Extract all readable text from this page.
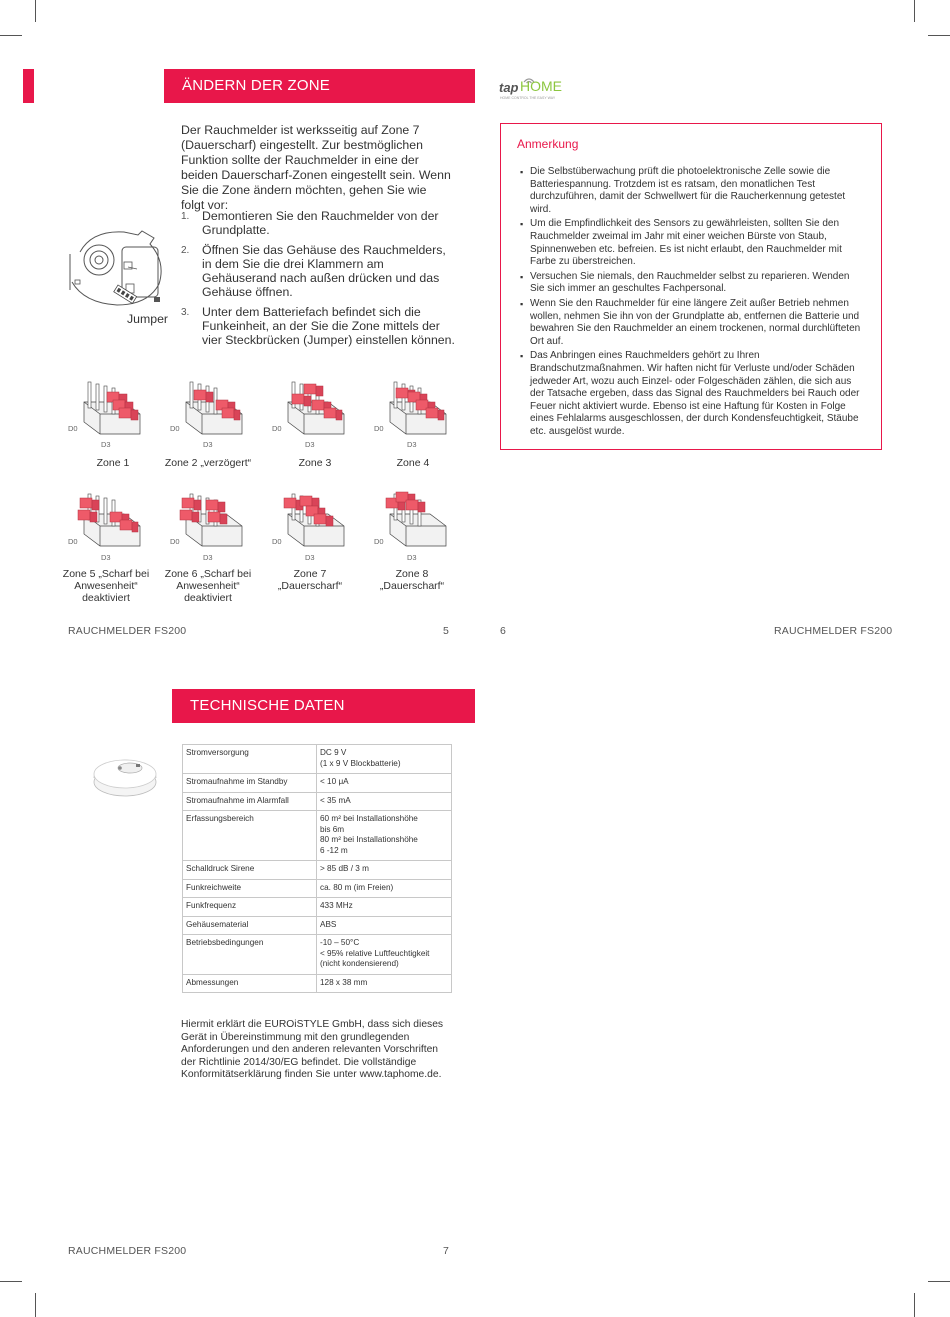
ÄNDERN DER ZONE
Der Rauchmelder ist werksseitig auf Zone 7 (Dauerscharf) eingestellt. Zur bestmöglichen Funktion sollte der Rauchmelder in eine der beiden Dauerscharf-Zonen eingestellt sein. Wenn Sie die Zone ändern möchten, gehen Sie wie folgt vor:
1. Demontieren Sie den Rauchmelder von der Grundplatte.
2. Öffnen Sie das Gehäuse des Rauchmelders, in dem Sie die drei Klammern am Gehäuserand nach außen drücken und das Gehäuse öffnen.
3. Unter dem Batteriefach befindet sich die Funkeinheit, an der Sie die Zone mittels der vier Steckbrücken (Jumper) einstellen können.
Jumper
D0
D3
D0
D3
D0
D3
D0
D3
Zone 1	Zone 2 „verzögert“	Zone 3	Zone 4
D0
D3
D0
D3
D0
D3
D0
D3
Zone 5 „Scharf bei Anwesenheit“ deaktiviert
Zone 6 „Scharf bei Anwesenheit“ deaktiviert
Zone 7 „Dauerscharf“
Zone 8 „Dauerscharf“
RAUCHMELDER FS200	5
tap HOME
HOME CONTROL THE EASY WAY
Anmerkung
▪ Die Selbstüberwachung prüft die photoelektronische Zelle sowie die Batteriespannung. Trotzdem ist es ratsam, den monatlichen Test durchzuführen, damit der Schwellwert für die Raucherkennung getestet wird.
▪ Um die Empfindlichkeit des Sensors zu gewährleisten, sollten Sie den Rauchmelder zweimal im Jahr mit einer weichen Bürste von Staub, Spinnenweben etc. befreien. Es ist nicht erlaubt, den Rauchmelder mit Farbe zu überstreichen.
▪ Versuchen Sie niemals, den Rauchmelder selbst zu reparieren. Wenden Sie sich immer an geschultes Fachpersonal.
▪ Wenn Sie den Rauchmelder für eine längere Zeit außer Betrieb nehmen wollen, nehmen Sie ihn von der Grundplatte ab, entfernen die Batterie und bewahren Sie den Rauchmelder an einem trockenen, normal durchlüfteten Ort auf.
▪ Das Anbringen eines Rauchmelders gehört zu Ihren Brandschutzmaßnahmen. Wir haften nicht für Verluste und/oder Schäden jedweder Art, wozu auch Einzel- oder Folgeschäden zählen, die sich aus der Tatsache ergeben, dass das Signal des Rauchmelders bei Rauch oder Feuer nicht aktiviert wurde. Ebenso ist eine Haftung für Kosten in Folge eines Fehlalarms ausgeschlossen, der durch Kondensfeuchtigkeit, Stäube etc. ausgelöst wurde.
6	RAUCHMELDER FS200
TECHNISCHE DATEN
Stromversorgung	DC 9 V
(1 x 9 V Blockbatterie)
Stromaufnahme im Standby	< 10 μA
Stromaufnahme im Alarmfall	< 35 mA
Erfassungsbereich	60 m² bei Installationshöhe
bis 6m
80 m² bei Installationshöhe
6 -12 m
Schalldruck Sirene	> 85 dB / 3 m
Funkreichweite	ca. 80 m (im Freien)
Funkfrequenz	433 MHz
Gehäusematerial	ABS
Betriebsbedingungen	-10 – 50°C
< 95% relative Luftfeuchtigkeit
(nicht kondensierend)
Abmessungen	128 x 38 mm
Hiermit erklärt die EUROiSTYLE GmbH, dass sich dieses Gerät in Übereinstimmung mit den grundlegenden Anforderungen und den anderen relevanten Vorschriften der Richtlinie 2014/30/EG befindet. Die vollständige Konformitätserklärung finden Sie unter www.taphome.de.
RAUCHMELDER FS200	7
